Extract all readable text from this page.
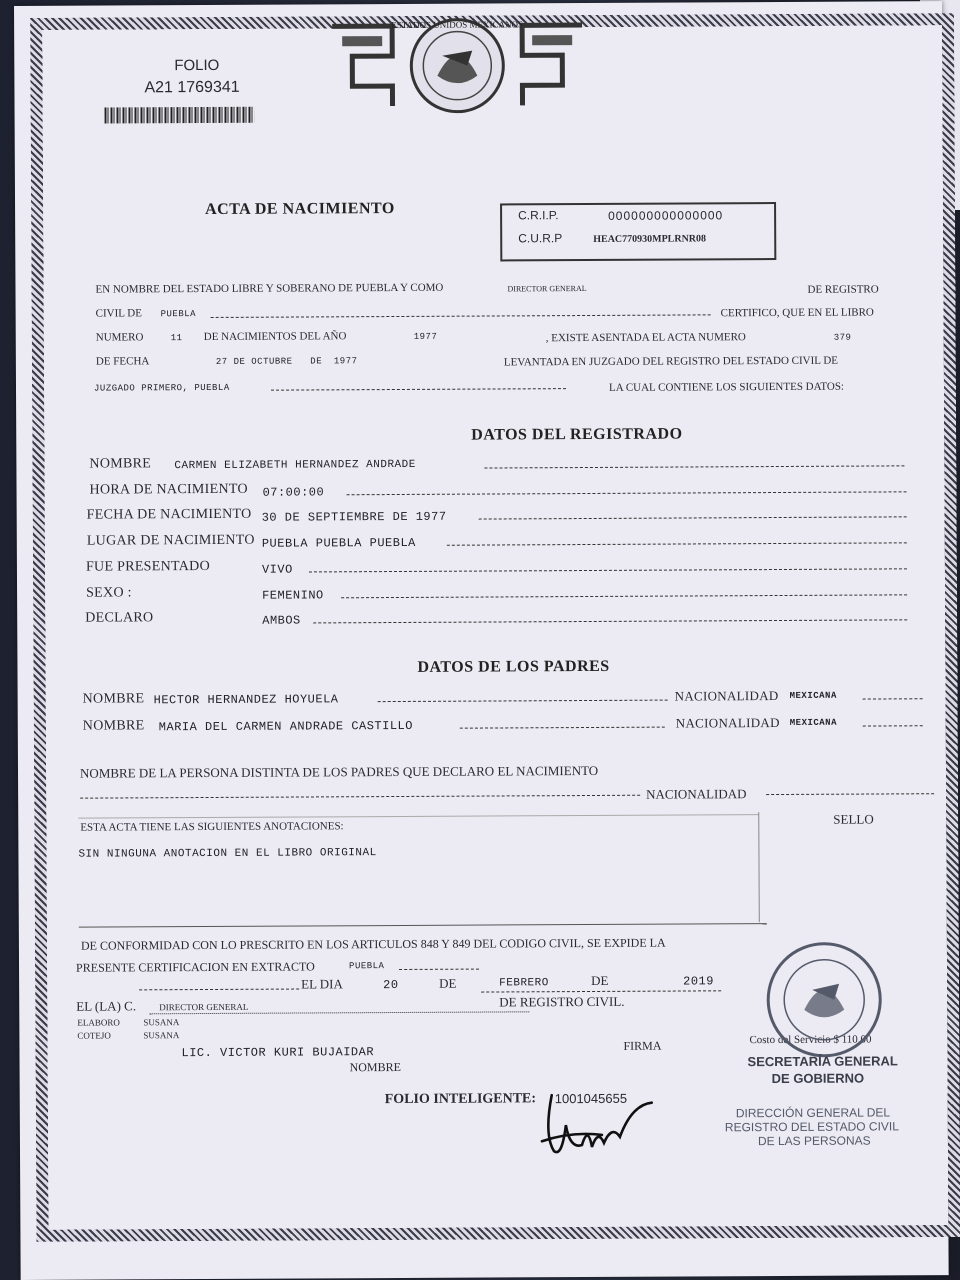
ESTADOS UNIDOS MEXICANOS
FOLIO
A21 1769341
ACTA DE NACIMIENTO	C.R.I.P.	000000000000000
C.U.R.P	HEAC770930MPLRNR08
EN NOMBRE DEL ESTADO LIBRE Y SOBERANO DE PUEBLA Y COMO	DIRECTOR GENERAL	DE REGISTRO
CIVIL DE PUEBLA	CERTIFICO, QUE EN EL LIBRO
NUMERO	11 DE NACIMIENTOS DEL AÑO	1977	, EXISTE ASENTADA EL ACTA NUMERO	379
DE FECHA	27 DE OCTUBRE   DE  1977	LEVANTADA EN JUZGADO DEL REGISTRO DEL ESTADO CIVIL DE
JUZGADO PRIMERO, PUEBLA	LA CUAL CONTIENE LOS SIGUIENTES DATOS:
DATOS DEL REGISTRADO
NOMBRE CARMEN ELIZABETH HERNANDEZ ANDRADE
HORA DE NACIMIENTO 07:00:00
FECHA DE NACIMIENTO 30 DE SEPTIEMBRE DE 1977
LUGAR DE NACIMIENTO PUEBLA PUEBLA PUEBLA
FUE PRESENTADO	VIVO
SEXO :	FEMENINO
DECLARO	AMBOS
DATOS DE LOS PADRES
NOMBRE HECTOR HERNANDEZ HOYUELA	NACIONALIDAD MEXICANA
NOMBRE MARIA DEL CARMEN ANDRADE CASTILLO	NACIONALIDAD MEXICANA
NOMBRE DE LA PERSONA DISTINTA DE LOS PADRES QUE DECLARO EL NACIMIENTO
NACIONALIDAD
ESTA ACTA TIENE LAS SIGUIENTES ANOTACIONES:
SELLO
SIN NINGUNA ANOTACION EN EL LIBRO ORIGINAL
DE CONFORMIDAD CON LO PRESCRITO EN LOS ARTICULOS 848 Y 849 DEL CODIGO CIVIL, SE EXPIDE LA
PRESENTE CERTIFICACION EN EXTRACTO	PUEBLA
EL DIA	20	DE	FEBRERO	DE	2019
DE REGISTRO CIVIL.
EL (LA) C.	DIRECTOR GENERAL
ELABORO	SUSANA
COTEJO	SUSANA
LIC. VICTOR KURI BUJAIDAR
NOMBRE
FIRMA	Costo del Servicio $ 110.00
SECRETARÍA GENERAL
DE GOBIERNO
FOLIO INTELIGENTE: 1001045655
DIRECCIÓN GENERAL DEL
REGISTRO DEL ESTADO CIVIL
DE LAS PERSONAS
